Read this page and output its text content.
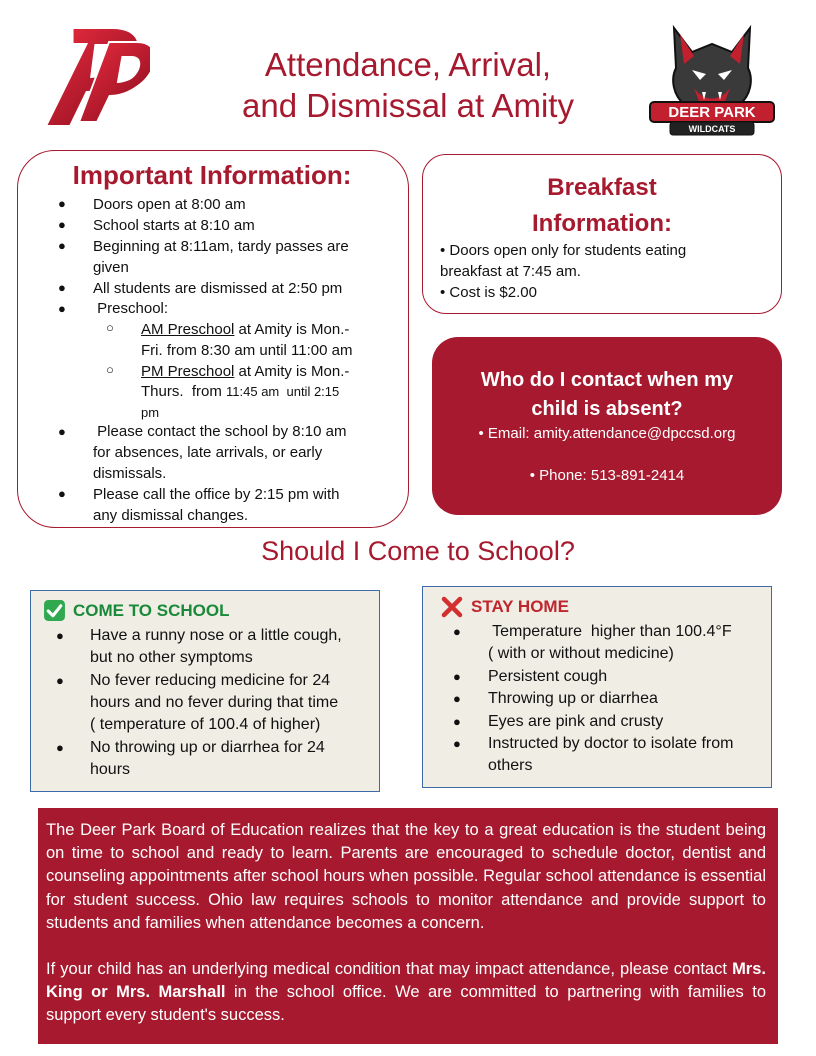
Attendance, Arrival,
and Dismissal at Amity	DEER PARK
WILDCATS
Important Information:
● Doors open at 8:00 am
● School starts at 8:10 am
● Beginning at 8:11am, tardy passes are
given
● All students are dismissed at 2:50 pm
● Preschool:
○ AM Preschool at Amity is Mon.-
Fri. from 8:30 am until 11:00 am
○ PM Preschool at Amity is Mon.-
Thurs.  from 11:45 am  until 2:15
pm
● Please contact the school by 8:10 am
for absences, late arrivals, or early
dismissals.
● Please call the office by 2:15 pm with
any dismissal changes.
Breakfast
Information:
• Doors open only for students eating
breakfast at 7:45 am.
• Cost is $2.00
Who do I contact when my
child is absent?
• Email: amity.attendance@dpccsd.org
• Phone: 513-891-2414
Should I Come to School?
COME TO SCHOOL
● Have a runny nose or a little cough,
but no other symptoms
● No fever reducing medicine for 24
hours and no fever during that time
( temperature of 100.4 of higher)
● No throwing up or diarrhea for 24
hours
STAY HOME
● Temperature  higher than 100.4°F
( with or without medicine)
● Persistent cough
● Throwing up or diarrhea
● Eyes are pink and crusty
● Instructed by doctor to isolate from
others
The Deer Park Board of Education realizes that the key to a great education is the student being on time to school and ready to learn. Parents are encouraged to schedule doctor, dentist and counseling appointments after school hours when possible. Regular school attendance is essential for student success. Ohio law requires schools to monitor attendance and provide support to students and families when attendance becomes a concern.
If your child has an underlying medical condition that may impact attendance, please contact Mrs. King or Mrs. Marshall in the school office. We are committed to partnering with families to support every student's success.
